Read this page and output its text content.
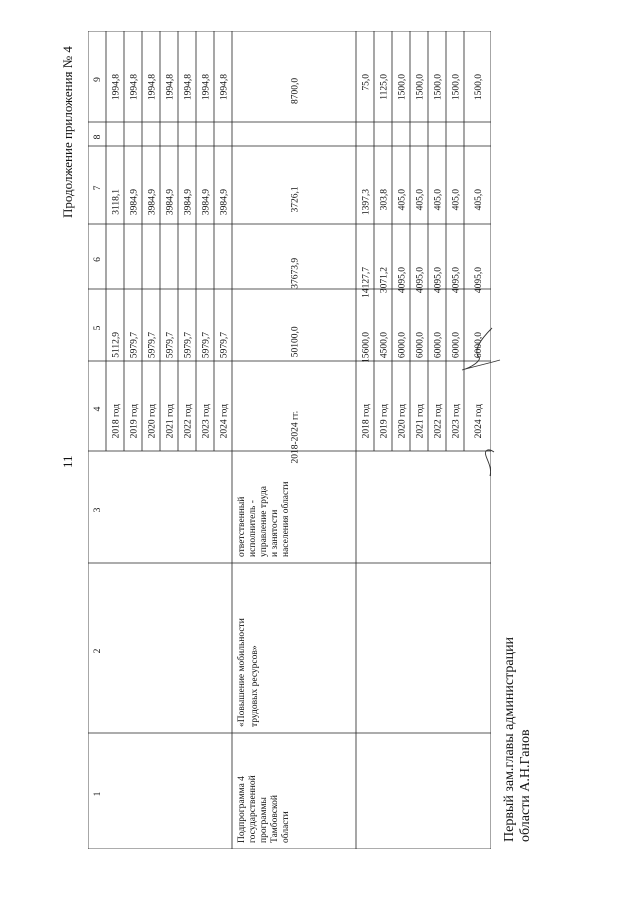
11
Продолжение приложения № 4
1
2
3
4
5
6
7
8
9
2018 год
5112,9
3118,1
1994,8
2019 год
5979,7
3984,9
1994,8
2020 год
5979,7
3984,9
1994,8
2021 год
5979,7
3984,9
1994,8
2022 год
5979,7
3984,9
1994,8
2023 год
5979,7
3984,9
1994,8
2024 год
5979,7
3984,9
1994,8
2018-2024 гг.
50100,0
37673,9
3726,1
8700,0
2018 год
15600,0
14127,7
1397,3
75,0
2019 год
4500,0
3071,2
303,8
1125,0
2020 год
6000,0
4095,0
405,0
1500,0
2021 год
6000,0
4095,0
405,0
1500,0
2022 год
6000,0
4095,0
405,0
1500,0
2023 год
6000,0
4095,0
405,0
1500,0
2024 год
6000,0
4095,0
405,0
1500,0
Подпрограмма 4 государственной программы Тамбовской области
«Повышение мобильности трудовых ресурсов»
ответственный исполнитель - управление труда и занятости населения области
Первый зам.главы администрации области А.Н.Ганов
